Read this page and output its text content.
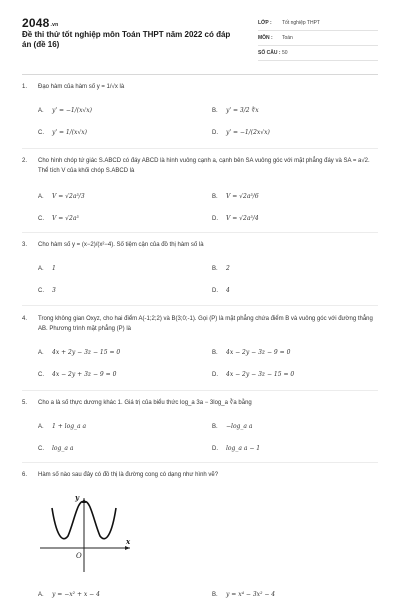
$2048^{.vn}$
Đề thi thử tốt nghiệp môn Toán THPT năm 2022 có đáp án (đề 16)
LỚP :	Tốt nghiệp THPT
MÔN :	Toán
SỐ CÂU : 50
1. Đạo hàm của hàm số y = 1/√x là
A. y' = −1/(x√x)	B. y' = 3/2 ∜x
C. y' = 1/(x√x)	D. y' = −1/(2x√x)
2. Cho hình chóp tứ giác S.ABCD có đáy ABCD là hình vuông cạnh a, cạnh bên SA vuông góc với mặt phẳng đáy và SA = a√2. Thể tích V của khối chóp S.ABCD là
A. V = √2a³/3	B. V = √2a³/6
C. V = √2a³	D. V = √2a³/4
3. Cho hàm số y = (x−2)/(x²−4). Số tiệm cận của đồ thị hàm số là
A. 1	B. 2
C. 3	D. 4
4. Trong không gian Oxyz, cho hai điểm A(-1;2;2) và B(3;0;-1). Gọi (P) là mặt phẳng chứa điểm B và vuông góc với đường thẳng AB. Phương trình mặt phẳng (P) là
A. 4x + 2y − 3z − 15 = 0	B. 4x − 2y − 3z − 9 = 0
C. 4x − 2y + 3z − 9 = 0	D. 4x − 2y − 3z − 15 = 0
5. Cho a là số thực dương khác 1. Giá trị của biểu thức log_a 3a − 3log_a ∛a bằng
A. 1 + log_a a	B. −log_a a
C. log_a a	D. log_a a − 1
6. Hàm số nào sau đây có đồ thị là đường cong có dạng như hình vẽ?
y
x
O
A. y = −x² + x − 4	B. y = x⁴ − 3x² − 4
